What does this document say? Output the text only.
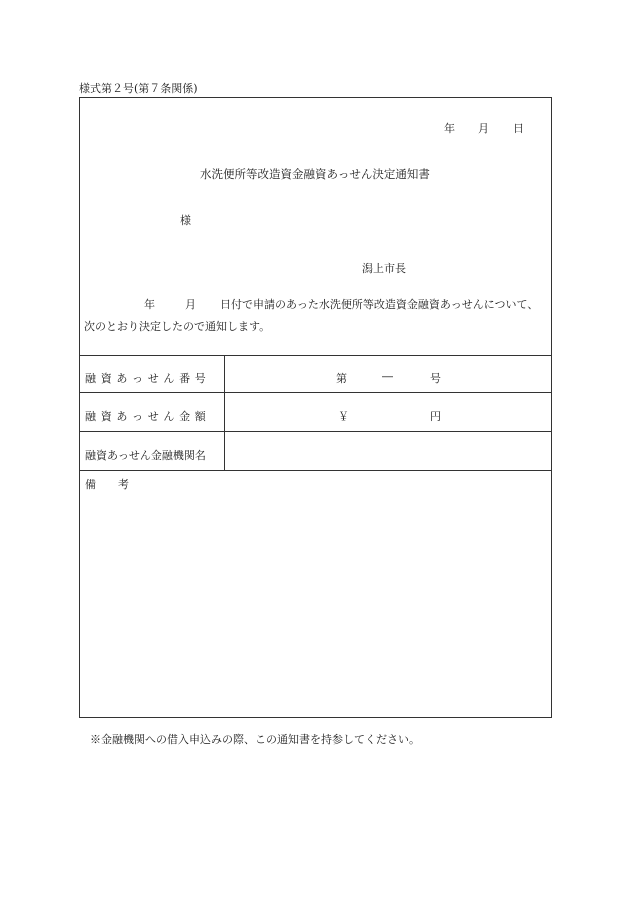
様式第２号(第７条関係)
年 月 日
水洗便所等改造資金融資あっせん決定通知書
様
潟上市長
年	月 日付で申請のあった水洗便所等改造資金融資あっせんについて、
次のとおり決定したので通知します。
融資あっせん番号	第	―	号
融資あっせん金額	￥	円
融資あっせん金融機関名
備 考
※金融機関への借入申込みの際、この通知書を持参してください。
